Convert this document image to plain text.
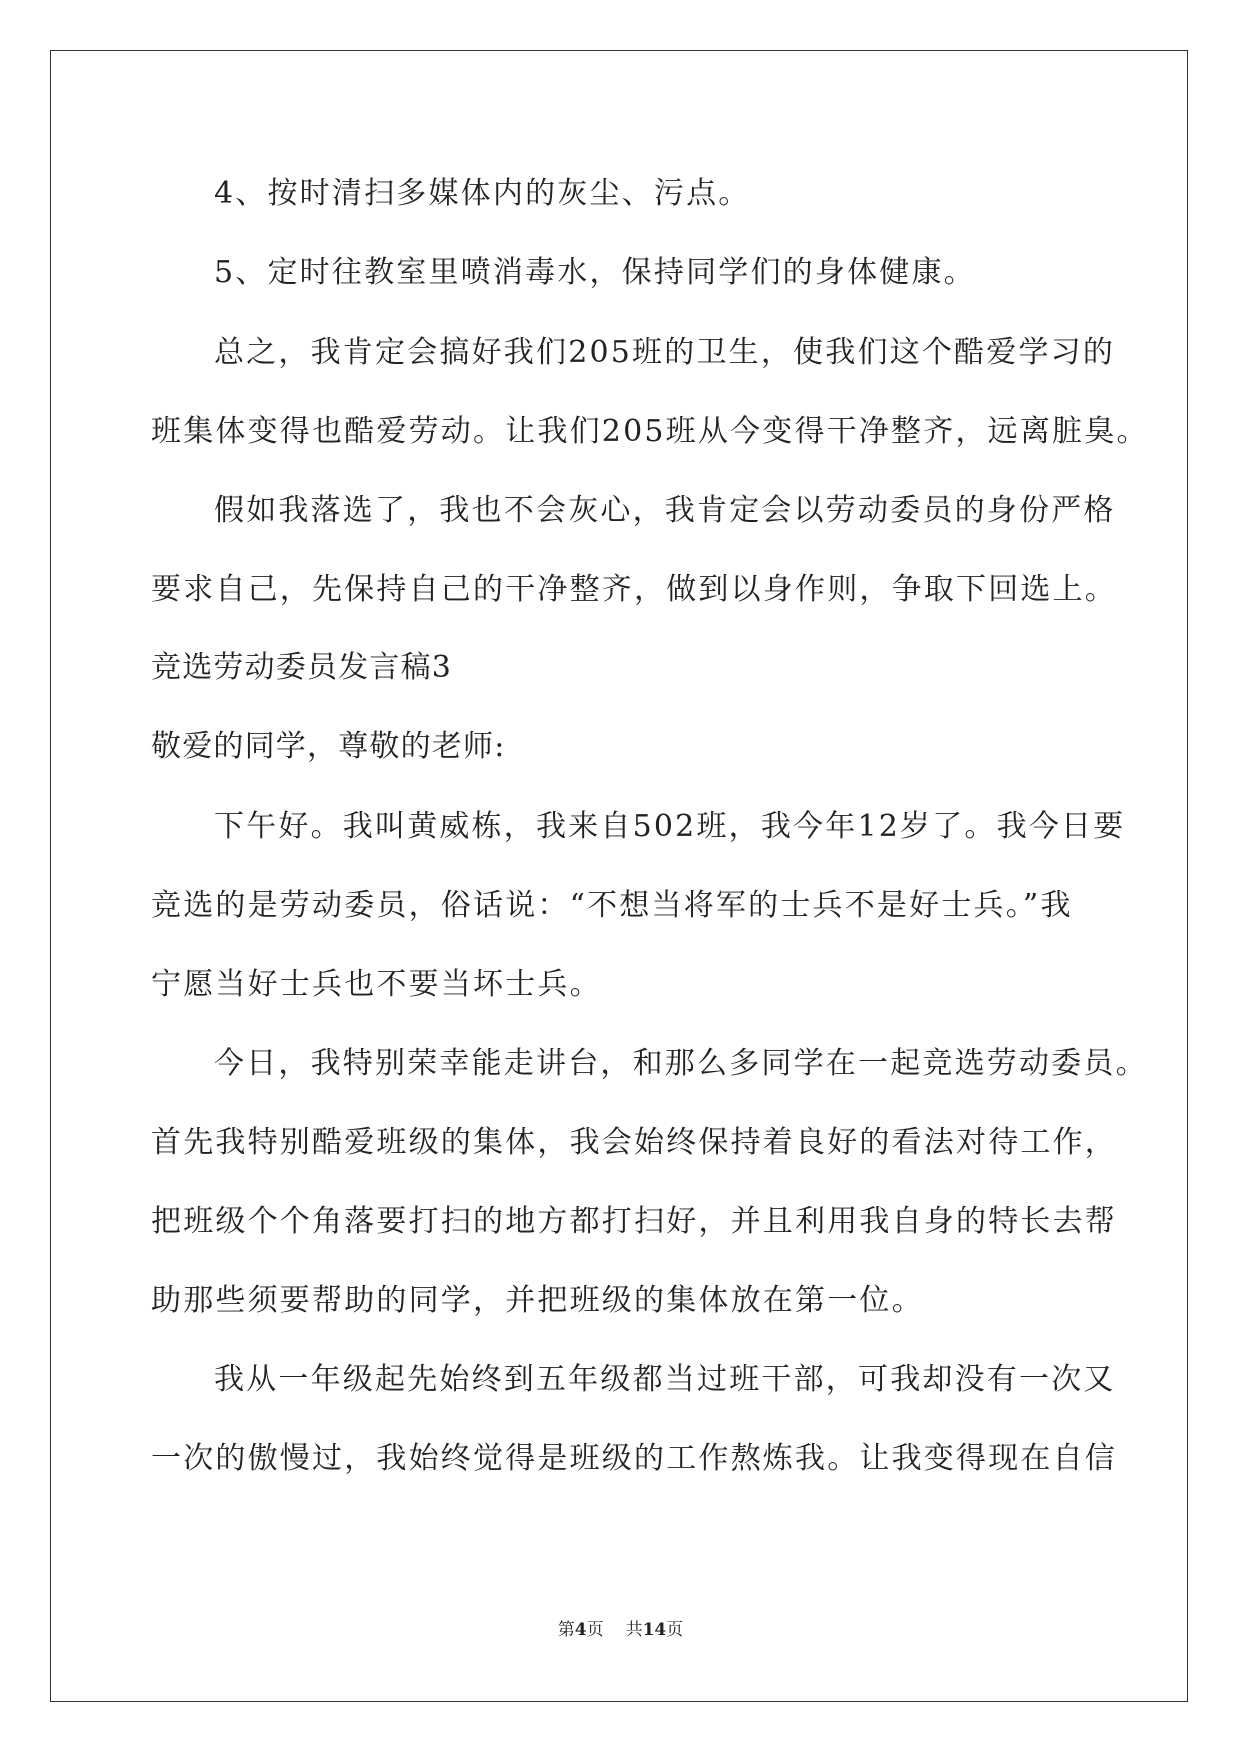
4、按时清扫多媒体内的灰尘、污点。
5、定时往教室里喷消毒水，保持同学们的身体健康。
总之，我肯定会搞好我们205班的卫生，使我们这个酷爱学习的
班集体变得也酷爱劳动。让我们205班从今变得干净整齐，远离脏臭。
假如我落选了，我也不会灰心，我肯定会以劳动委员的身份严格
要求自己，先保持自己的干净整齐，做到以身作则，争取下回选上。
竞选劳动委员发言稿3
敬爱的同学，尊敬的老师:
下午好。我叫黄威栋，我来自502班，我今年12岁了。我今日要
竞选的是劳动委员，俗话说：“不想当将军的士兵不是好士兵。”我
宁愿当好士兵也不要当坏士兵。
今日，我特别荣幸能走讲台，和那么多同学在一起竞选劳动委员。
首先我特别酷爱班级的集体，我会始终保持着良好的看法对待工作，
把班级个个角落要打扫的地方都打扫好，并且利用我自身的特长去帮
助那些须要帮助的同学，并把班级的集体放在第一位。
我从一年级起先始终到五年级都当过班干部，可我却没有一次又
一次的傲慢过，我始终觉得是班级的工作熬炼我。让我变得现在自信
第4页 共14页
